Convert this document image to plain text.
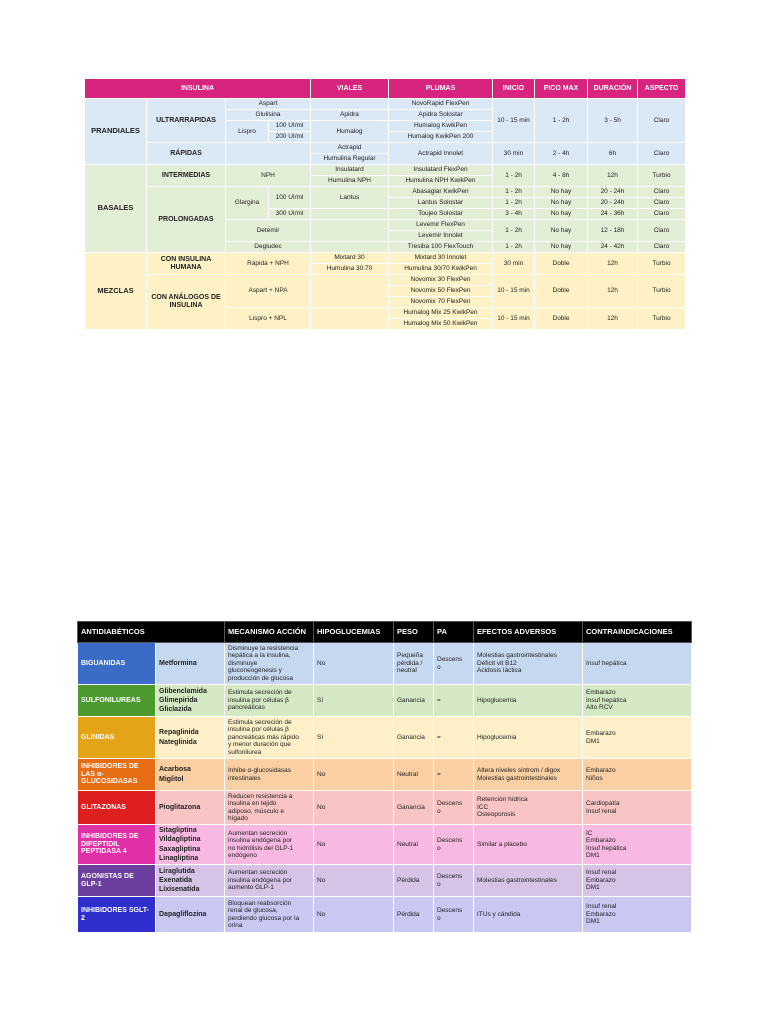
INSULINA				VIALES	PLUMAS	INICIO	PICO MAX	DURACIÓN	ASPECTO
PRANDIALES	ULTRARRAPIDAS	Aspart			NovoRapid FlexPen	10 - 15 min	1 - 2h	3 - 5h	Claro
		Glulisina		Apidra	Apidra Solostar				
		Lispro	100 UI/ml	Humalog	Humalog KwikPen				
			200 UI/ml		Humalog KwikPen 200				
	RÁPIDAS			Actrapid	Actrapid Innolet	30 min	2 - 4h	6h	Claro
				Humulina Regular					
BASALES	INTERMEDIAS	NPH		Insulatard	Insulatard FlexPen	1 - 2h	4 - 8h	12h	Turbio
				Humulina NPH	Humulina NPH KwikPen				
	PROLONGADAS	Glargina	100 UI/ml	Lantus	Abasaglar KwikPen	1 - 2h	No hay	20 - 24h	Claro
					Lantus Solostar	1 - 2h	No hay	20 - 24h	Claro
			300 UI/ml		Toujeo Solostar	3 - 4h	No hay	24 - 36h	Claro
		Detemir			Levemir FlexPen	1 - 2h	No hay	12 - 18h	Claro
					Levemir Innolet				
		Degludec			Tresiba 100 FlexTouch	1 - 2h	No hay	24 - 42h	Claro

MEZCLAS	CON INSULINA HUMANA	Rápida + NPH		Mixtard 30	Mixtard 30 Innolet	30 min	Doble	12h	Turbio
				Humulina 30:70	Humulina 30/70 KwikPen				
	CON ANÁLOGOS DE INSULINA	Aspart + NPA			Novomix 30 FlexPen	10 - 15 min	Doble	12h	Turbio
					Novomix 50 FlexPen				
					Novomix 70 FlexPen				
		Lispro + NPL			Humalog Mix 25 KwikPen	10 - 15 min	Doble	12h	Turbio
					Humalog Mix 50 KwikPen				
ANTIDIABÉTICOS		MECANISMO ACCIÓN	HIPOGLUCEMIAS	PESO	PA	EFECTOS ADVERSOS	CONTRAINDICACIONES
BIGUANIDAS	Metformina	Disminuye la resistencia
hepática a la insulina,
disminuye
gluconeogénesis y
producción de glucosa	No	Pequeña
pérdida /
neutral	Descens
o	Molestias gastrointestinales
Déficit vit B12
Acidosis láctica	Insuf hepática

SULFONILUREAS	Glibenclamida
Glimepirida
Gliclazida	Estimula secreción de
insulina por células β
pancreáticas	Sí	Ganancia	=	Hipoglucemia	Embarazo
Insuf hepática
Alto RCV

GLINIDAS	Repaglinida
Nateglinida	Estimula secreción de
insulina por células β
pancreáticas más rápido
y menor duración que
sulfonilurea	Sí	Ganancia	=	Hipoglucemia	Embarazo
DM1

INHIBIDORES DE LAS α-GLUCOSIDASAS	Acarbosa
Miglitol	Inhibe α-glucosidasas
intestinales	No	Neutral	=	Altera niveles sintrom / digox
Molestias gastrointestinales	Embarazo
Niños

GLITAZONAS	Pioglitazona	Reducen resistencia a
insulina en tejido
adiposo, músculo e
hígado	No	Ganancia	Descens
o	Retención hídrica
ICC
Osteoporosis	Cardiopatía
Insuf renal

INHIBIDORES DE DIPEPTIDIL PEPTIDASA 4	Sitagliptina
Vildagliptina
Saxagliptina
Linagliptina	Aumentan secreción
insulina endógena por
no hidrólisis del GLP-1
endógeno	No	Neutral	Descens
o	Similar a placebo	IC
Embarazo
Insuf hepática
DM1

AGONISTAS DE GLP-1	Liraglutida
Exenatida
Lixisenatida	Aumentan secreción
insulina endógena por
aumento GLP-1	No	Pérdida	Descens
o	Molestias gastrointestinales	Insuf renal
Embarazo
DM1

INHIBIDORES SGLT-2	Dapagliflozina	Bloquean reabsorción
renal de glucosa,
perdiendo glucosa por la
orina	No	Pérdida	Descens
o	ITUs y cándida	Insuf renal
Embarazo
DM1
